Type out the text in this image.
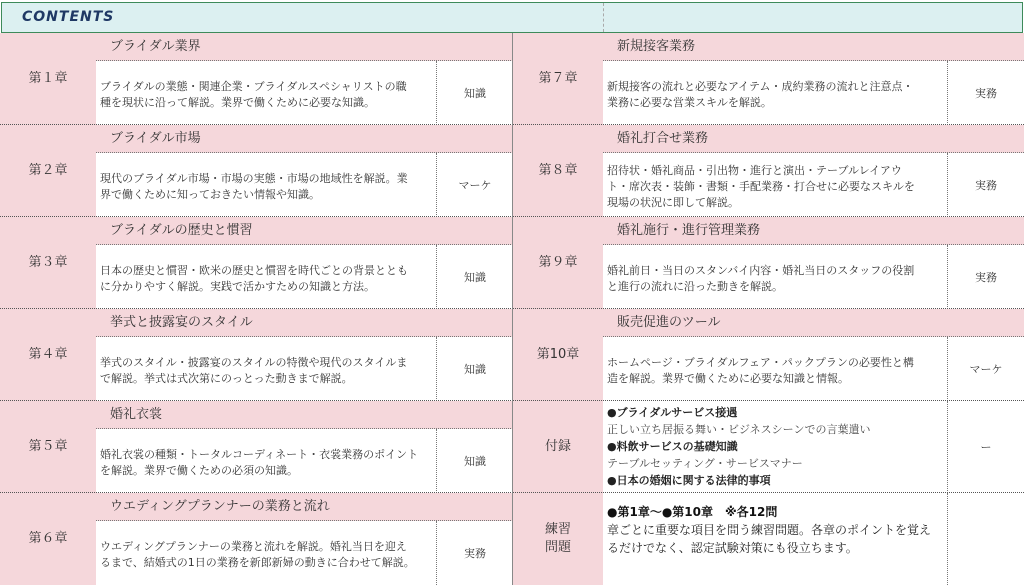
CONTENTS
第１章
ブライダル業界
ブライダルの業態・関連企業・ブライダルスペシャリストの職
種を現状に沿って解説。業界で働くために必要な知識。
知識
第２章
ブライダル市場
現代のブライダル市場・市場の実態・市場の地域性を解説。業
界で働くために知っておきたい情報や知識。
マーケ
第３章
ブライダルの歴史と慣習
日本の歴史と慣習・欧米の歴史と慣習を時代ごとの背景ととも
に分かりやすく解説。実践で活かすための知識と方法。
知識
第４章
挙式と披露宴のスタイル
挙式のスタイル・披露宴のスタイルの特徴や現代のスタイルま
で解説。挙式は式次第にのっとった動きまで解説。
知識
第５章
婚礼衣裳
婚礼衣裳の種類・トータルコーディネート・衣裳業務のポイント
を解説。業界で働くための必須の知識。
知識
第６章
ウエディングプランナーの業務と流れ
ウエディングプランナーの業務と流れを解説。婚礼当日を迎え
るまで、結婚式の1日の業務を新郎新婦の動きに合わせて解説。
実務
第７章
新規接客業務
新規接客の流れと必要なアイテム・成約業務の流れと注意点・
業務に必要な営業スキルを解説。
実務
第８章
婚礼打合せ業務
招待状・婚礼商品・引出物・進行と演出・テーブルレイアウ
ト・席次表・装飾・書類・手配業務・打合せに必要なスキルを
現場の状況に即して解説。
実務
第９章
婚礼施行・進行管理業務
婚礼前日・当日のスタンバイ内容・婚礼当日のスタッフの役割
と進行の流れに沿った動きを解説。
実務
第10章
販売促進のツール
ホームページ・ブライダルフェア・パックプランの必要性と構
造を解説。業界で働くために必要な知識と情報。
マーケ
付録
●ブライダルサービス接遇
正しい立ち居振る舞い・ビジネスシーンでの言葉遣い
●料飲サービスの基礎知識
テーブルセッティング・サービスマナー
●日本の婚姻に関する法律的事項
ー
練習
問題
●第1章～●第10章　※各12問
章ごとに重要な項目を問う練習問題。各章のポイントを覚え
るだけでなく、認定試験対策にも役立ちます。
